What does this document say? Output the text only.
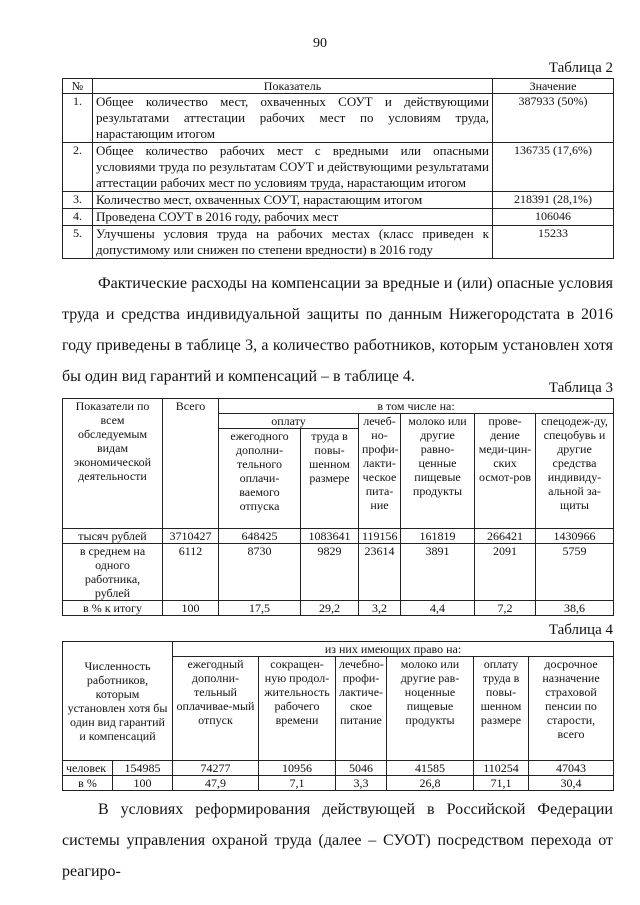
90
Таблица 2
№	Показатель	Значение
1.	Общее количество мест, охваченных СОУТ и действующими результатами аттестации рабочих мест по условиям труда, нарастающим итогом	387933 (50%)
2.	Общее количество рабочих мест с вредными или опасными условиями труда по результатам СОУТ и действующими результатами аттестации рабочих мест по условиям труда, нарастающим итогом	136735 (17,6%)
3.	Количество мест, охваченных СОУТ, нарастающим итогом	218391 (28,1%)
4.	Проведена СОУТ в 2016 году, рабочих мест	106046
5.	Улучшены условия труда на рабочих местах (класс приведен к допустимому или снижен по степени вредности) в 2016 году	15233

Фактические расходы на компенсации за вредные и (или) опасные условия труда и средства индивидуальной защиты по данным Нижегородстата в 2016 году приведены в таблице 3, а количество работников, которым установлен хотя бы один вид гарантий и компенсаций – в таблице 4.

Таблица 3
Показатели по всем обследуемым видам экономической деятельности	Всего	в том числе на:					
		оплату		лечеб-но-профи-лакти-ческое пита-ние	молоко или другие равно-ценные пищевые продукты	прове-дение меди-цин-ских осмот-ров	спецодеж-ду, спецобувь и другие средства индивиду-альной за-щиты
		ежегодного дополни-тельного оплачи-ваемого отпуска	труда в повы-шенном размере				
тысяч рублей	3710427	648425	1083641	119156	161819	266421	1430966
в среднем на одного работника, рублей	6112	8730	9829	23614	3891	2091	5759
в % к итогу	100	17,5	29,2	3,2	4,4	7,2	38,6
Таблица 4
Численность работников, которым установлен хотя бы один вид гарантий и компенсаций		из них имеющих право на:					
		ежегодный дополни-тельный оплачивае-мый отпуск	сокращен-ную продол-жительность рабочего времени	лечебно-профи-лактиче-ское питание	молоко или другие рав-ноценные пищевые продукты	оплату труда в повы-шенном размере	досрочное назначение страховой пенсии по старости, всего
человек	154985	74277	10956	5046	41585	110254	47043
в %	100	47,9	7,1	3,3	26,8	71,1	30,4

В условиях реформирования действующей в Российской Федерации системы управления охраной труда (далее – СУОТ) посредством перехода от реагиро-
